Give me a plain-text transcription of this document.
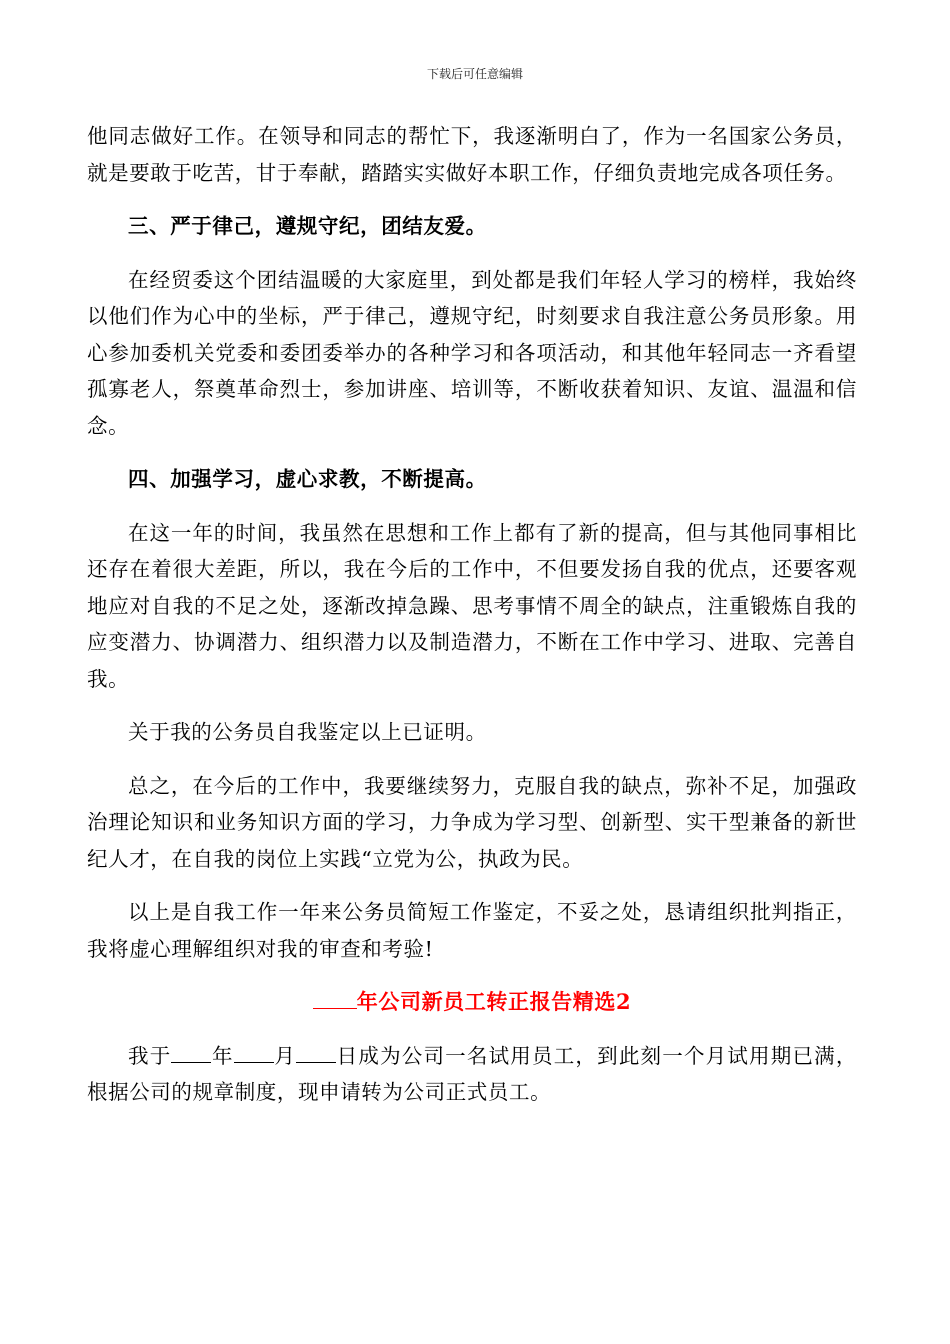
下载后可任意编辑

他同志做好工作。在领导和同志的帮忙下，我逐渐明白了，作为一名国家公务员，就是要敢于吃苦，甘于奉献，踏踏实实做好本职工作，仔细负责地完成各项任务。

三、严于律己，遵规守纪，团结友爱。

在经贸委这个团结温暖的大家庭里，到处都是我们年轻人学习的榜样，我始终以他们作为心中的坐标，严于律己，遵规守纪，时刻要求自我注意公务员形象。用心参加委机关党委和委团委举办的各种学习和各项活动，和其他年轻同志一齐看望孤寡老人，祭奠革命烈士，参加讲座、培训等，不断收获着知识、友谊、温温和信念。

四、加强学习，虚心求教，不断提高。

在这一年的时间，我虽然在思想和工作上都有了新的提高，但与其他同事相比还存在着很大差距，所以，我在今后的工作中，不但要发扬自我的优点，还要客观地应对自我的不足之处，逐渐改掉急躁、思考事情不周全的缺点，注重锻炼自我的应变潜力、协调潜力、组织潜力以及制造潜力，不断在工作中学习、进取、完善自我。

关于我的公务员自我鉴定以上已证明。

总之，在今后的工作中，我要继续努力，克服自我的缺点，弥补不足，加强政治理论知识和业务知识方面的学习，力争成为学习型、创新型、实干型兼备的新世纪人才，在自我的岗位上实践“立党为公，执政为民。

以上是自我工作一年来公务员简短工作鉴定，不妥之处，恳请组织批判指正，我将虚心理解组织对我的审查和考验!

年公司新员工转正报告精选2

我于 年 月 日成为公司一名试用员工，到此刻一个月试用期已满，根据公司的规章制度，现申请转为公司正式员工。
